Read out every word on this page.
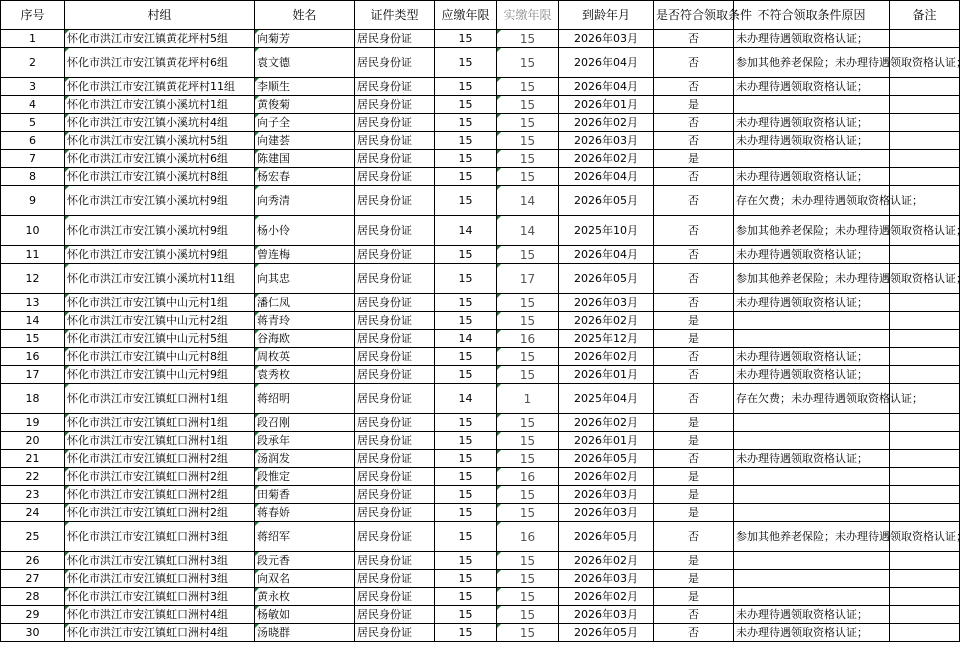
序号	村组	姓名	证件类型	应缴年限	实缴年限	到龄年月	是否符合领取条件	不符合领取条件原因	备注
1	怀化市洪江市安江镇黄花坪村5组	向菊芳	居民身份证	15	15	2026年03月	否	未办理待遇领取资格认证；	
2	怀化市洪江市安江镇黄花坪村6组	袁文德	居民身份证	15	15	2026年04月	否	参加其他养老保险；未办理待遇领取资格认证；	
3	怀化市洪江市安江镇黄花坪村11组	李顺生	居民身份证	15	15	2026年04月	否	未办理待遇领取资格认证；	
4	怀化市洪江市安江镇小溪坑村1组	黄俊菊	居民身份证	15	15	2026年01月	是		
5	怀化市洪江市安江镇小溪坑村4组	向子全	居民身份证	15	15	2026年02月	否	未办理待遇领取资格认证；	
6	怀化市洪江市安江镇小溪坑村5组	向建荟	居民身份证	15	15	2026年03月	否	未办理待遇领取资格认证；	
7	怀化市洪江市安江镇小溪坑村6组	陈建国	居民身份证	15	15	2026年02月	是		
8	怀化市洪江市安江镇小溪坑村8组	杨宏春	居民身份证	15	15	2026年04月	否	未办理待遇领取资格认证；	
9	怀化市洪江市安江镇小溪坑村9组	向秀清	居民身份证	15	14	2026年05月	否	存在欠费；未办理待遇领取资格认证；	
10	怀化市洪江市安江镇小溪坑村9组	杨小伶	居民身份证	14	14	2025年10月	否	参加其他养老保险；未办理待遇领取资格认证；	
11	怀化市洪江市安江镇小溪坑村9组	曾连梅	居民身份证	15	15	2026年04月	否	未办理待遇领取资格认证；	
12	怀化市洪江市安江镇小溪坑村11组	向其忠	居民身份证	15	17	2026年05月	否	参加其他养老保险；未办理待遇领取资格认证；	
13	怀化市洪江市安江镇中山元村1组	潘仁凤	居民身份证	15	15	2026年03月	否	未办理待遇领取资格认证；	
14	怀化市洪江市安江镇中山元村2组	蒋青玲	居民身份证	15	15	2026年02月	是		
15	怀化市洪江市安江镇中山元村5组	谷海欧	居民身份证	14	16	2025年12月	是		
16	怀化市洪江市安江镇中山元村8组	周枚英	居民身份证	15	15	2026年02月	否	未办理待遇领取资格认证；	
17	怀化市洪江市安江镇中山元村9组	袁秀枚	居民身份证	15	15	2026年01月	否	未办理待遇领取资格认证；	
18	怀化市洪江市安江镇虹口洲村1组	蒋绍明	居民身份证	14	1	2025年04月	否	存在欠费；未办理待遇领取资格认证；	
19	怀化市洪江市安江镇虹口洲村1组	段召刚	居民身份证	15	15	2026年02月	是		
20	怀化市洪江市安江镇虹口洲村1组	段承年	居民身份证	15	15	2026年01月	是		
21	怀化市洪江市安江镇虹口洲村2组	汤润发	居民身份证	15	15	2026年05月	否	未办理待遇领取资格认证；	
22	怀化市洪江市安江镇虹口洲村2组	段惟定	居民身份证	15	16	2026年02月	是		
23	怀化市洪江市安江镇虹口洲村2组	田菊香	居民身份证	15	15	2026年03月	是		
24	怀化市洪江市安江镇虹口洲村2组	蒋春娇	居民身份证	15	15	2026年03月	是		
25	怀化市洪江市安江镇虹口洲村3组	蒋绍军	居民身份证	15	16	2026年05月	否	参加其他养老保险；未办理待遇领取资格认证；	
26	怀化市洪江市安江镇虹口洲村3组	段元香	居民身份证	15	15	2026年02月	是		
27	怀化市洪江市安江镇虹口洲村3组	向双名	居民身份证	15	15	2026年03月	是		
28	怀化市洪江市安江镇虹口洲村3组	黄永枚	居民身份证	15	15	2026年02月	是		
29	怀化市洪江市安江镇虹口洲村4组	杨敏如	居民身份证	15	15	2026年03月	否	未办理待遇领取资格认证；	
30	怀化市洪江市安江镇虹口洲村4组	汤晓群	居民身份证	15	15	2026年05月	否	未办理待遇领取资格认证；	
